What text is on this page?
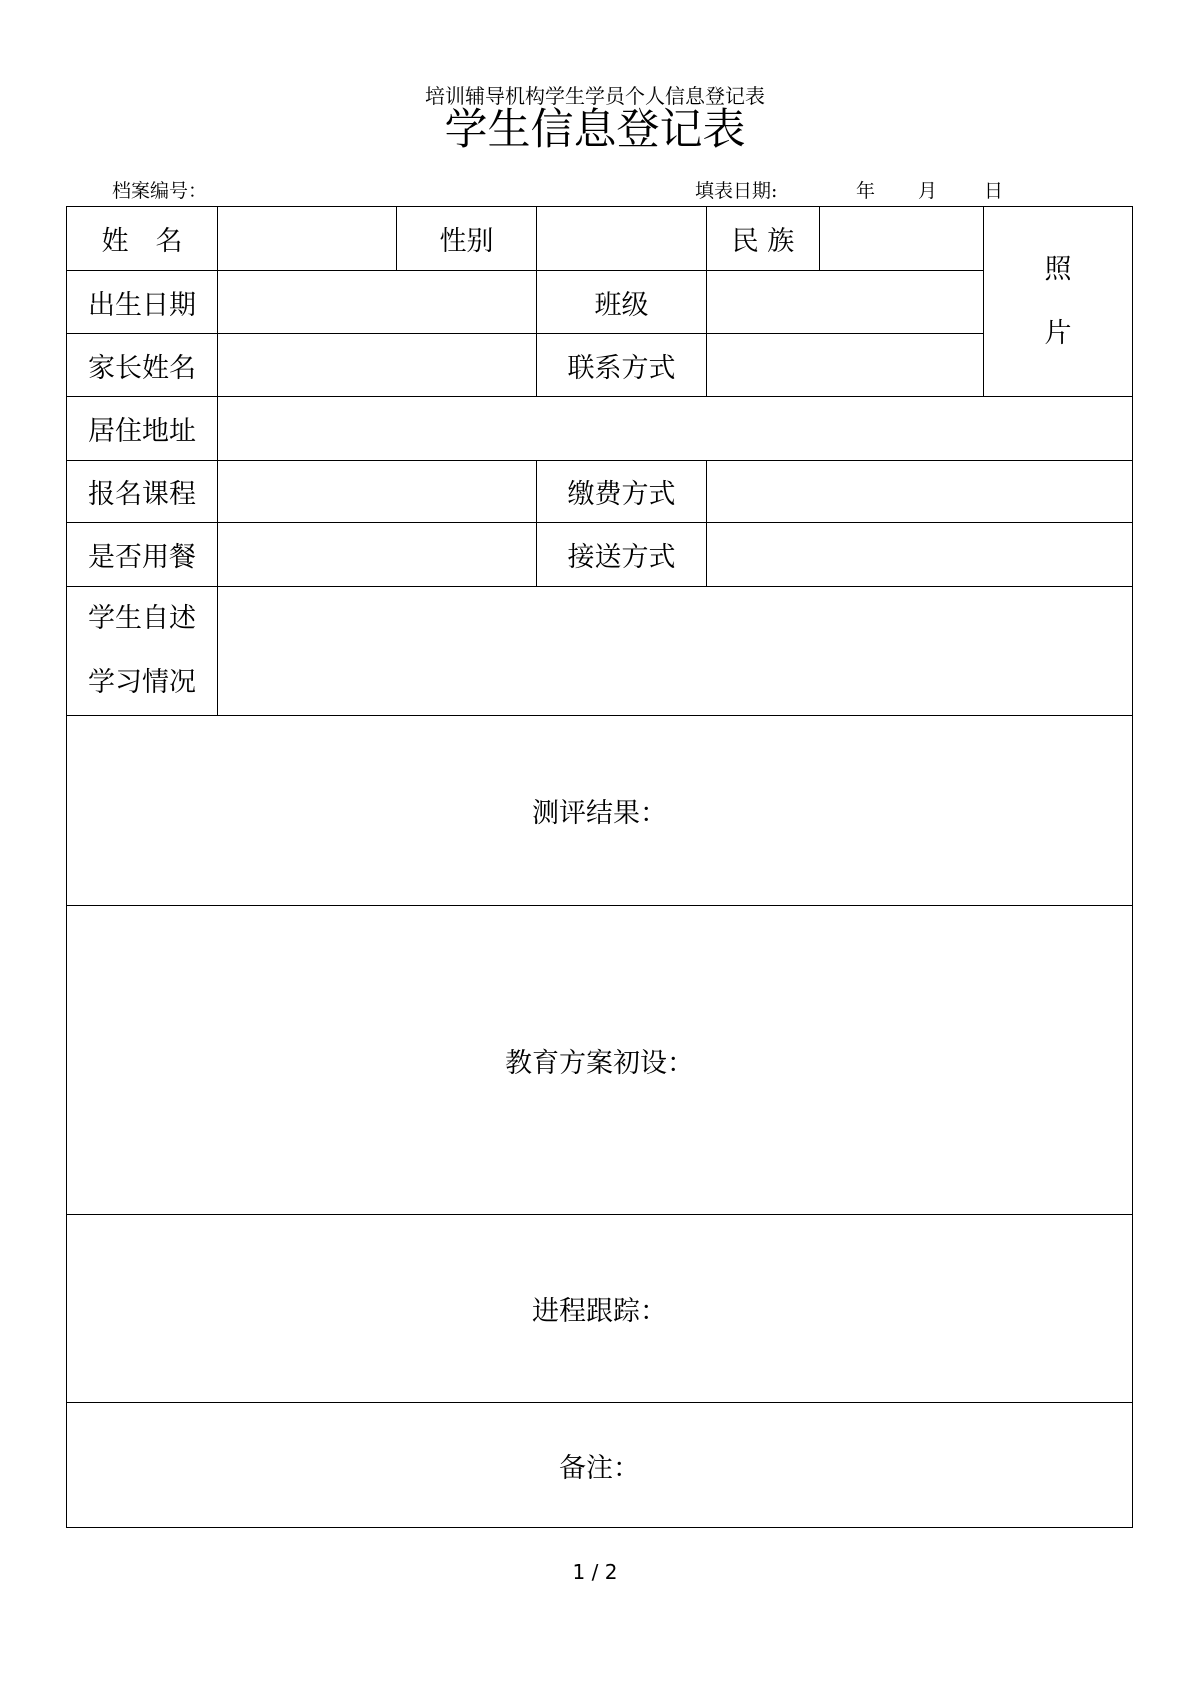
培训辅导机构学生学员个人信息登记表
学生信息登记表
档案编号：	填表日期:	年 月 日
姓　名		性别		民 族		照
片

出生日期			班级			
家长姓名			联系方式			
居住地址						
报名课程			缴费方式			
是否用餐			接送方式			

学生自述
学习情况						

测评结果：						
教育方案初设：						
进程跟踪：						
备注：						
1 / 2
